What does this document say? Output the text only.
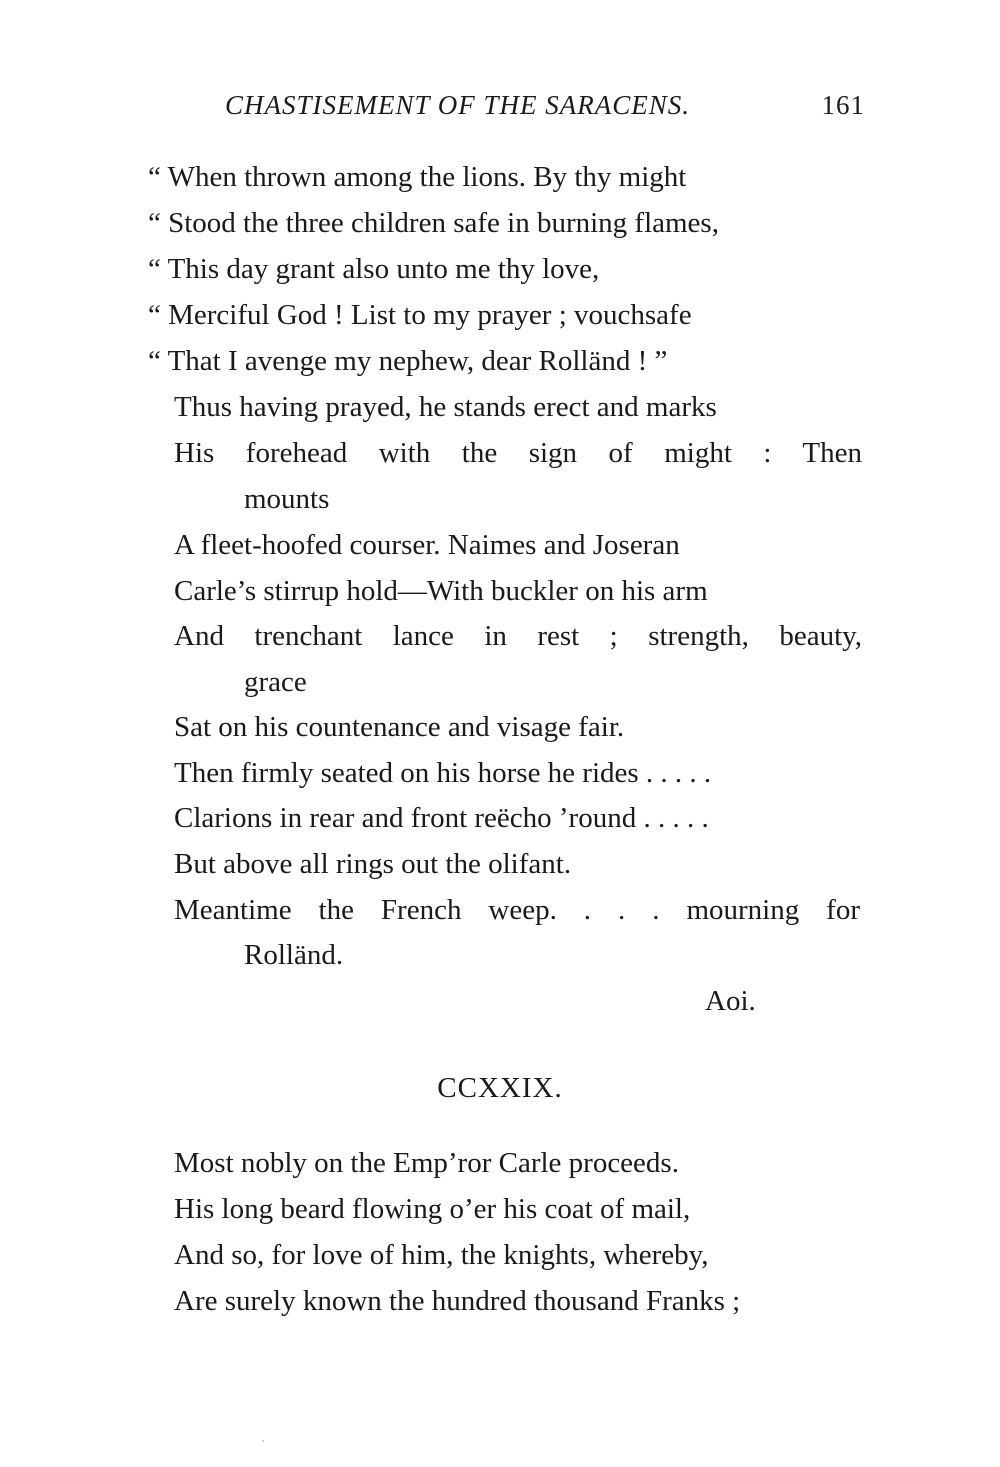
CHASTISEMENT OF THE SARACENS.	161
“ When thrown among the lions. By thy might
“ Stood the three children safe in burning flames,
“ This day grant also unto me thy love,
“ Merciful God ! List to my prayer ; vouchsafe
“ That I avenge my nephew, dear Rolländ ! ”
Thus having prayed, he stands erect and marks
His forehead with the sign of might : Then
mounts
A fleet-hoofed courser. Naimes and Joseran
Carle’s stirrup hold—With buckler on his arm
And trenchant lance in rest ; strength, beauty,
grace
Sat on his countenance and visage fair.
Then firmly seated on his horse he rides . . . . .
Clarions in rear and front reëcho ’round . . . . .
But above all rings out the olifant.
Meantime the French weep. . . . mourning for
Rolländ.
Aoi.
CCXXIX.
Most nobly on the Emp’ror Carle proceeds.
His long beard flowing o’er his coat of mail,
And so, for love of him, the knights, whereby,
Are surely known the hundred thousand Franks ;
